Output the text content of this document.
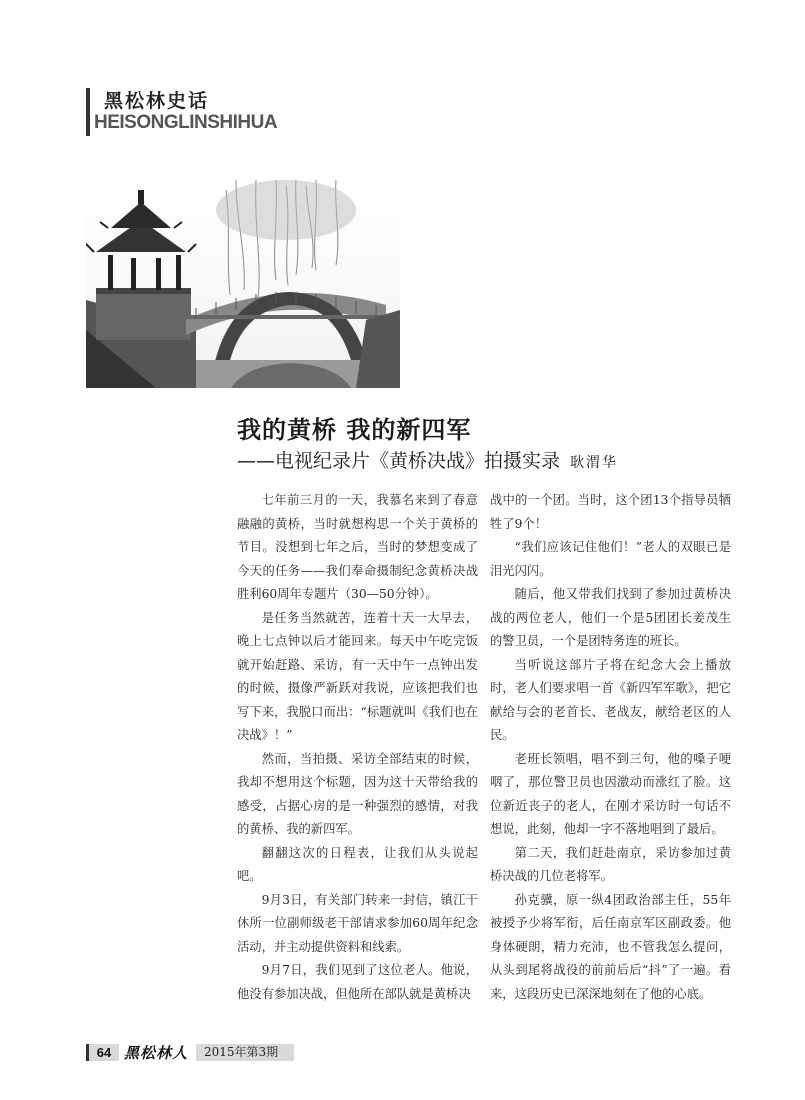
黑松林史话
HEISONGLINSHIHUA
我的黄桥 我的新四军
——电视纪录片《黄桥决战》拍摄实录 耿渭华

七年前三月的一天，我慕名来到了春意融融的黄桥，当时就想构思一个关于黄桥的节目。没想到七年之后，当时的梦想变成了今天的任务——我们奉命摄制纪念黄桥决战胜利60周年专题片（30—50分钟）。

是任务当然就苦，连着十天一大早去，晚上七点钟以后才能回来。每天中午吃完饭就开始赶路、采访，有一天中午一点钟出发的时候，摄像严新跃对我说，应该把我们也写下来，我脱口而出：“标题就叫《我们也在决战》！”

然而，当拍摄、采访全部结束的时候，我却不想用这个标题，因为这十天带给我的感受，占据心房的是一种强烈的感情，对我的黄桥、我的新四军。

翻翻这次的日程表，让我们从头说起吧。

9月3日，有关部门转来一封信，镇江干休所一位副师级老干部请求参加60周年纪念活动，并主动提供资料和线索。

9月7日，我们见到了这位老人。他说，他没有参加决战，但他所在部队就是黄桥决

战中的一个团。当时，这个团13个指导员牺牲了9个！

“我们应该记住他们！”老人的双眼已是泪光闪闪。

随后，他又带我们找到了参加过黄桥决战的两位老人，他们一个是5团团长姜茂生的警卫员，一个是团特务连的班长。

当听说这部片子将在纪念大会上播放时，老人们要求唱一首《新四军军歌》，把它献给与会的老首长、老战友，献给老区的人民。

老班长领唱，唱不到三句，他的嗓子哽咽了，那位警卫员也因激动而涨红了脸。这位新近丧子的老人，在刚才采访时一句话不想说，此刻，他却一字不落地唱到了最后。

第二天，我们赶赴南京，采访参加过黄桥决战的几位老将军。

孙克骥，原一纵4团政治部主任，55年被授予少将军衔，后任南京军区副政委。他身体硬朗，精力充沛，也不管我怎么提问，从头到尾将战役的前前后后“抖”了一遍。看来，这段历史已深深地刻在了他的心底。

64 黑松林人	2015年第3期
